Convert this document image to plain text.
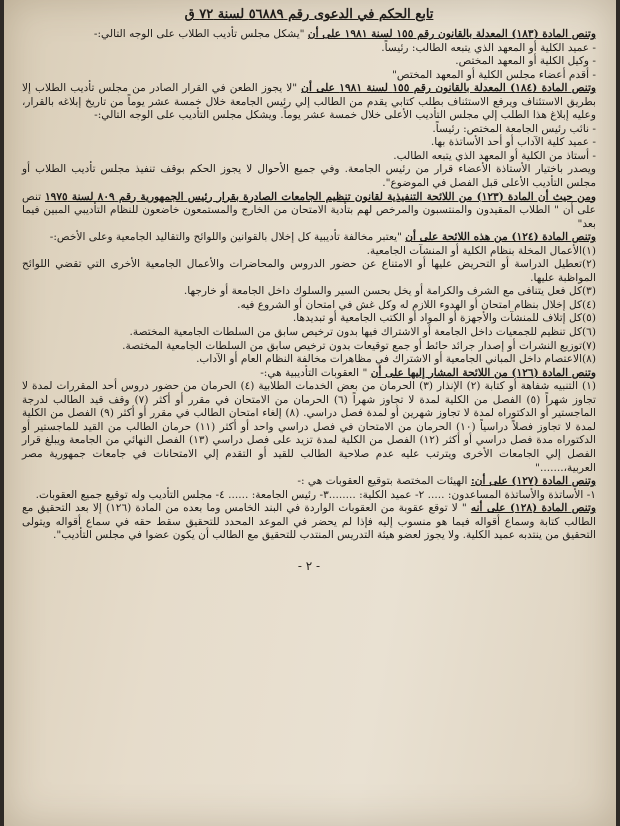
تابع الحكم في الدعوى رقم ٥٦٨٨٩ لسنة ٧٢ ق

وتنص المادة (١٨٣) المعدلة بالقانون رقم ١٥٥ لسنة ١٩٨١ على أن "يشكل مجلس تأديب الطلاب على الوجه التالي:-

- عميد الكلية أو المعهد الذي يتبعه الطالب: رئيساً.

- وكيل الكلية أو المعهد المختص.

- أقدم أعضاء مجلس الكلية أو المعهد المختص"

وتنص المادة (١٨٤) المعدلة بالقانون رقم ١٥٥ لسنة ١٩٨١ على أن "لا يجوز الطعن في القرار الصادر من مجلس تأديب الطلاب إلا بطريق الاستئناف ويرفع الاستئناف بطلب كتابي يقدم من الطالب إلي رئيس الجامعة خلال خمسة عشر يوماً من تاريخ إبلاغه بالقرار، وعليه إبلاغ هذا الطلب إلي مجلس التأديب الأعلى خلال خمسة عشر يوماً. ويشكل مجلس التأديب على الوجه التالي:-

- نائب رئيس الجامعة المختص: رئيساً.

- عميد كلية الآداب أو أحد الأساتذة بها.

- أستاذ من الكلية أو المعهد الذي يتبعه الطالب.

ويصدر باختيار الأستاذة الأعضاء قرار من رئيس الجامعة. وفي جميع الأحوال لا يجوز الحكم بوقف تنفيذ مجلس تأديب الطلاب أو مجلس التأديب الأعلى قبل الفصل في الموضوع".

ومن حيث أن المادة (١٢٣) من اللائحة التنفيذية لقانون تنظيم الجامعات الصادرة بقرار رئيس الجمهورية رقم ٨٠٩ لسنة ١٩٧٥ تنص على أن " الطلاب المقيدون والمنتسبون والمرخص لهم بتأدية الامتحان من الخارج والمستمعون خاضعون للنظام التأديبي المبين فيما بعد"

وتنص المادة (١٢٤) من هذه اللائحة على أن "يعتبر مخالفة تأديبية كل إخلال بالقوانين واللوائح والتقاليد الجامعية وعلى الأخص:-

(١)الأعمال المخلة بنظام الكلية أو المنشآت الجامعية.

(٢)تعطيل الدراسة أو التحريض عليها أو الامتناع عن حضور الدروس والمحاضرات والأعمال الجامعية الأخرى التي تقضي اللوائح المواظبة عليها.

(٣)كل فعل يتنافى مع الشرف والكرامة أو يخل بحسن السير والسلوك داخل الجامعة أو خارجها.

(٤)كل إخلال بنظام امتحان أو الهدوء اللازم له وكل غش في امتحان أو الشروع فيه.

(٥)كل إتلاف للمنشآت والأجهزة أو المواد أو الكتب الجامعية أو تبديدها.

(٦)كل تنظيم للجمعيات داخل الجامعة أو الاشتراك فيها بدون ترخيص سابق من السلطات الجامعية المختصة.

(٧)توزيع النشرات أو إصدار جرائد حائط أو جمع توقيعات بدون ترخيص سابق من السلطات الجامعية المختصة.

(٨)الاعتصام داخل المباني الجامعية أو الاشتراك في مظاهرات مخالفة النظام العام أو الآداب.

وتنص المادة (١٢٦) من اللائحة المشار إليها على أن " العقوبات التأديبية هي:-

(١) التنبيه شفاهة أو كتابة (٢) الإنذار (٣) الحرمان من بعض الخدمات الطلابية (٤) الحرمان من حضور دروس أحد المقررات لمدة لا تجاوز شهراً (٥) الفصل من الكلية لمدة لا تجاوز شهراً (٦) الحرمان من الامتحان في مقرر أو أكثر (٧) وقف قيد الطالب لدرجة الماجستير أو الدكتوراه لمدة لا تجاوز شهرين أو لمدة فصل دراسي. (٨) إلغاء امتحان الطالب في مقرر أو أكثر (٩) الفصل من الكلية لمدة لا تجاوز فصلاً دراسياً (١٠) الحرمان من الامتحان في فصل دراسي واحد أو أكثر (١١) حرمان الطالب من القيد للماجستير أو الدكتوراه مدة فصل دراسي أو أكثر (١٢) الفصل من الكلية لمدة تزيد على فصل دراسي (١٣) الفصل النهائي من الجامعة ويبلغ قرار الفصل إلي الجامعات الأخرى ويترتب عليه عدم صلاحية الطالب للقيد أو التقدم إلي الامتحانات في جامعات جمهورية مصر العربية،......."

وتنص المادة (١٢٧) على أن: الهيئات المختصة بتوقيع العقوبات هي :-

١- الأساتذة والأساتذة المساعدون: ..... ٢- عميد الكلية: ........٣- رئيس الجامعة: ...... ٤- مجلس التأديب وله توقيع جميع العقوبات.

وتنص المادة (١٢٨) على أنه " لا توقع عقوبة من العقوبات الواردة في البند الخامس وما بعده من المادة (١٢٦) إلا بعد التحقيق مع الطالب كتابة وسماع أقواله فيما هو منسوب إليه فإذا لم يحضر في الموعد المحدد للتحقيق سقط حقه في سماع أقواله ويتولى التحقيق من ينتدبه عميد الكلية. ولا يجوز لعضو هيئة التدريس المنتدب للتحقيق مع الطالب أن يكون عضوا في مجلس التأديب".

- ٢ -
